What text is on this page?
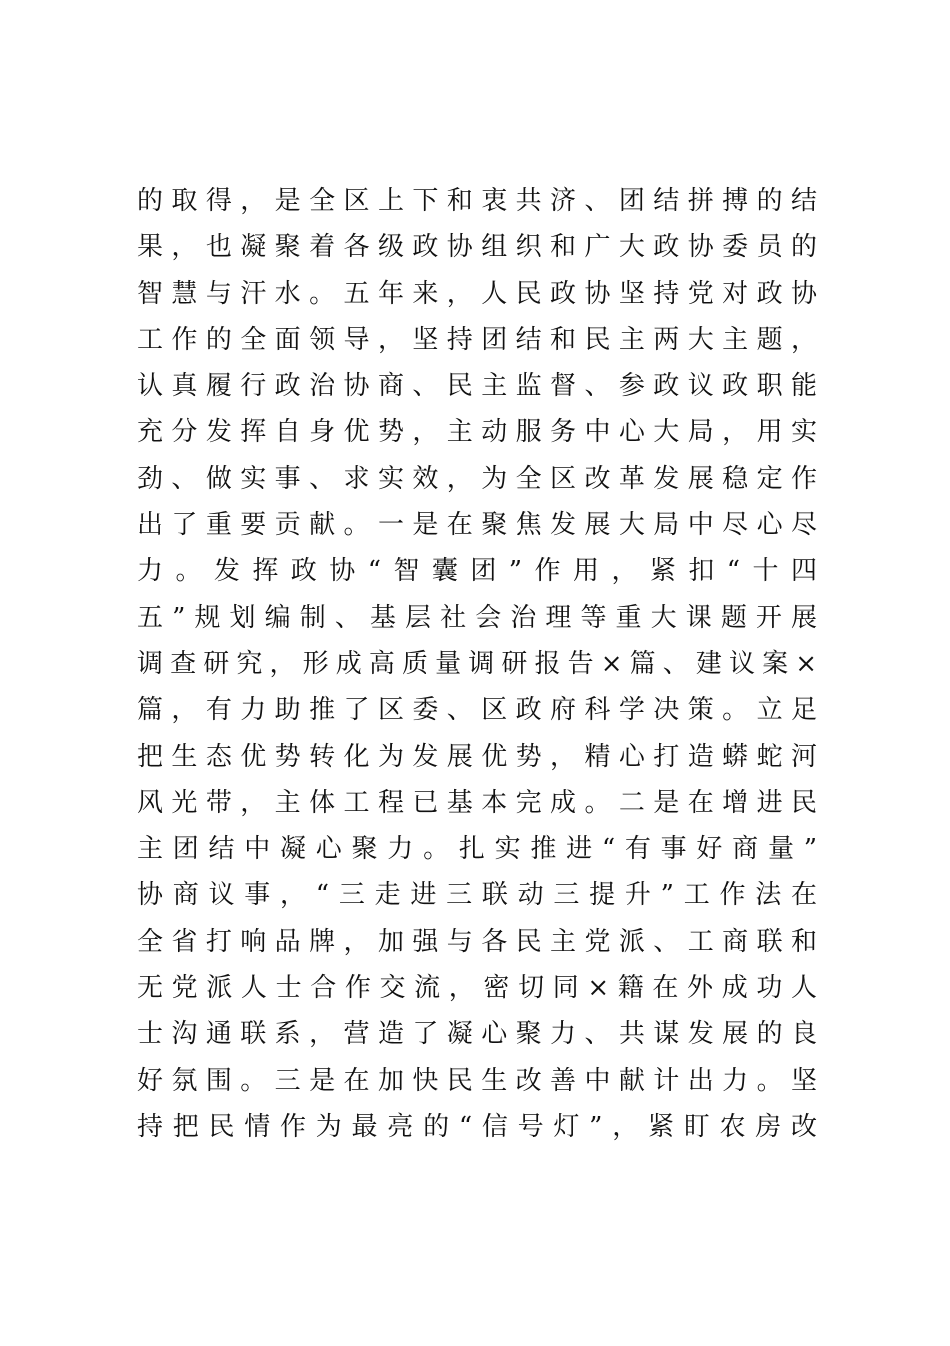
的取得，是全区上下和衷共济、团结拼搏的结
果，也凝聚着各级政协组织和广大政协委员的
智慧与汗水。五年来，人民政协坚持党对政协
工作的全面领导，坚持团结和民主两大主题，
认真履行政治协商、民主监督、参政议政职能
充分发挥自身优势，主动服务中心大局，用实
劲、做实事、求实效，为全区改革发展稳定作
出了重要贡献。一是在聚焦发展大局中尽心尽
力。发挥政协“智囊团”作用，紧扣“十四
五”规划编制、基层社会治理等重大课题开展
调查研究，形成高质量调研报告×篇、建议案×
篇，有力助推了区委、区政府科学决策。立足
把生态优势转化为发展优势，精心打造蟒蛇河
风光带，主体工程已基本完成。二是在增进民
主团结中凝心聚力。扎实推进“有事好商量”
协商议事，“三走进三联动三提升”工作法在
全省打响品牌，加强与各民主党派、工商联和
无党派人士合作交流，密切同×籍在外成功人
士沟通联系，营造了凝心聚力、共谋发展的良
好氛围。三是在加快民生改善中献计出力。坚
持把民情作为最亮的“信号灯”，紧盯农房改
